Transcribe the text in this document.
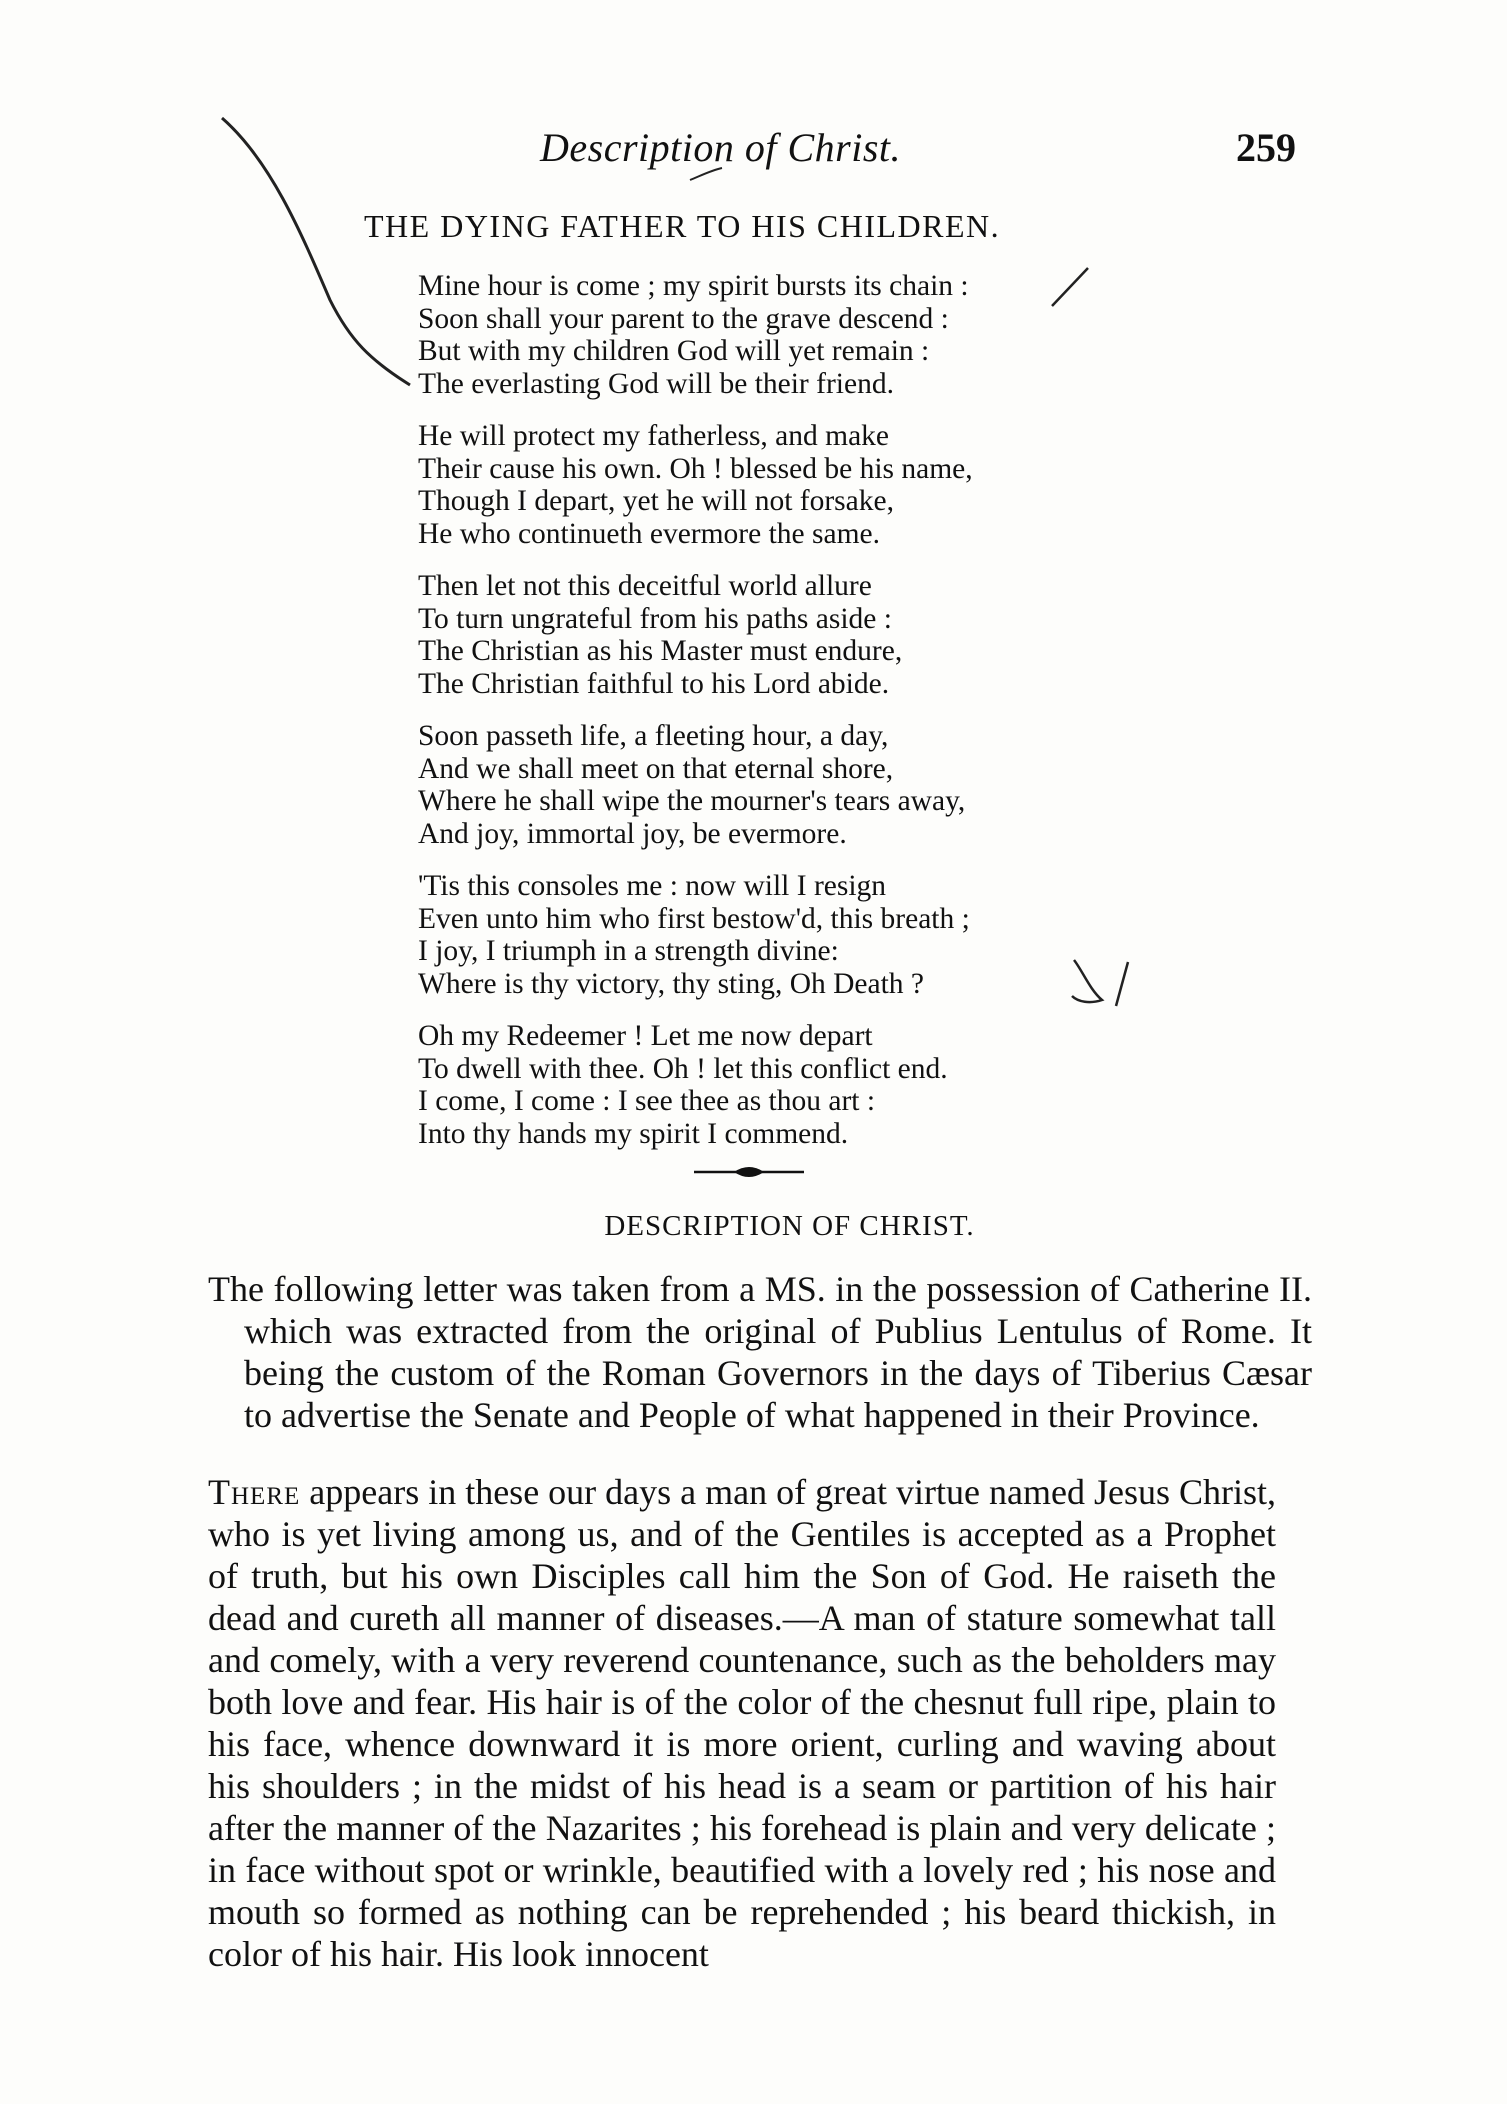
Description of Christ.	259
THE DYING FATHER TO HIS CHILDREN.
Mine hour is come ; my spirit bursts its chain :
Soon shall your parent to the grave descend :
But with my children God will yet remain :
The everlasting God will be their friend.
He will protect my fatherless, and make
Their cause his own. Oh ! blessed be his name,
Though I depart, yet he will not forsake,
He who continueth evermore the same.
Then let not this deceitful world allure
To turn ungrateful from his paths aside :
The Christian as his Master must endure,
The Christian faithful to his Lord abide.
Soon passeth life, a fleeting hour, a day,
And we shall meet on that eternal shore,
Where he shall wipe the mourner's tears away,
And joy, immortal joy, be evermore.
'Tis this consoles me : now will I resign
Even unto him who first bestow'd, this breath ;
I joy, I triumph in a strength divine:
Where is thy victory, thy sting, Oh Death ?
Oh my Redeemer ! Let me now depart
To dwell with thee. Oh ! let this conflict end.
I come, I come : I see thee as thou art :
Into thy hands my spirit I commend.
DESCRIPTION OF CHRIST.

The following letter was taken from a MS. in the possession of Catherine II. which was extracted from the original of Publius Lentulus of Rome. It being the custom of the Roman Governors in the days of Tiberius Cæsar to advertise the Senate and People of what happened in their Province.

There appears in these our days a man of great virtue named Jesus Christ, who is yet living among us, and of the Gentiles is accepted as a Prophet of truth, but his own Disciples call him the Son of God. He raiseth the dead and cureth all manner of diseases.—A man of stature somewhat tall and comely, with a very reverend countenance, such as the beholders may both love and fear. His hair is of the color of the chesnut full ripe, plain to his face, whence downward it is more orient, curling and waving about his shoulders ; in the midst of his head is a seam or partition of his hair after the manner of the Nazarites ; his forehead is plain and very delicate ; in face without spot or wrinkle, beautified with a lovely red ; his nose and mouth so formed as nothing can be reprehended ; his beard thickish, in color of his hair. His look innocent
